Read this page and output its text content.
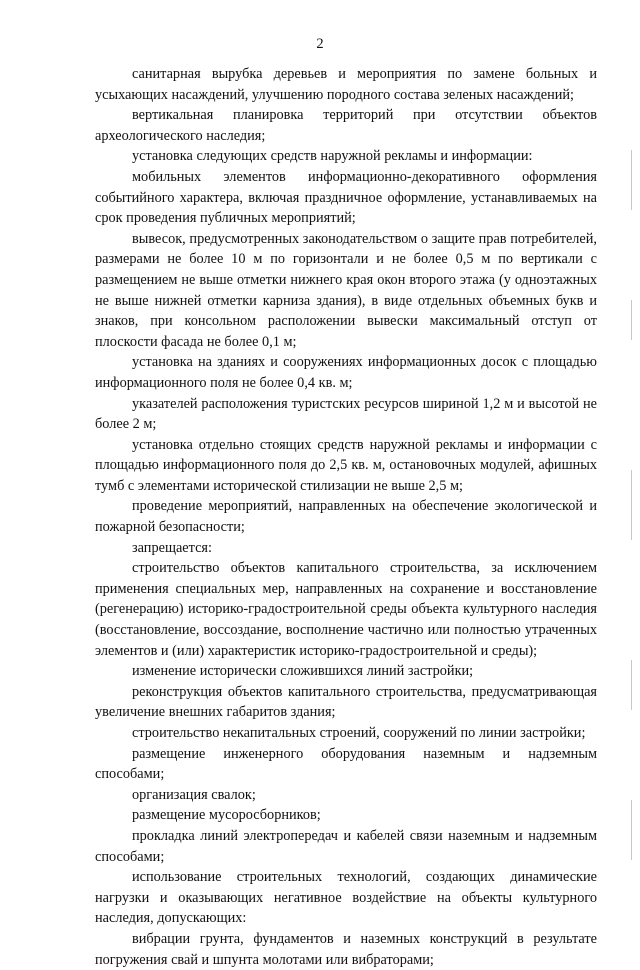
2

санитарная вырубка деревьев и мероприятия по замене больных и усыхающих насаждений, улучшению породного состава зеленых насаждений;

вертикальная планировка территорий при отсутствии объектов археологического наследия;

установка следующих средств наружной рекламы и информации:

мобильных элементов информационно-декоративного оформления событийного характера, включая праздничное оформление, устанавливаемых на срок проведения публичных мероприятий;

вывесок, предусмотренных законодательством о защите прав потребителей, размерами не более 10 м по горизонтали и не более 0,5 м по вертикали с размещением не выше отметки нижнего края окон второго этажа (у одноэтажных не выше нижней отметки карниза здания), в виде отдельных объемных букв и знаков, при консольном расположении вывески максимальный отступ от плоскости фасада не более 0,1 м;

установка на зданиях и сооружениях информационных досок с площадью информационного поля не более 0,4 кв. м;

указателей расположения туристских ресурсов шириной 1,2 м и высотой не более 2 м;

установка отдельно стоящих средств наружной рекламы и информации с площадью информационного поля до 2,5 кв. м, остановочных модулей, афишных тумб с элементами исторической стилизации не выше 2,5 м;

проведение мероприятий, направленных на обеспечение экологической и пожарной безопасности;

запрещается:

строительство объектов капитального строительства, за исключением применения специальных мер, направленных на сохранение и восстановление (регенерацию) историко-градостроительной среды объекта культурного наследия (восстановление, воссоздание, восполнение частично или полностью утраченных элементов и (или) характеристик историко-градостроительной и среды);

изменение исторически сложившихся линий застройки;

реконструкция объектов капитального строительства, предусматривающая увеличение внешних габаритов здания;

строительство некапитальных строений, сооружений по линии застройки;

размещение инженерного оборудования наземным и надземным способами;

организация свалок;

размещение мусоросборников;

прокладка линий электропередач и кабелей связи наземным и надземным способами;

использование строительных технологий, создающих динамические нагрузки и оказывающих негативное воздействие на объекты культурного наследия, допускающих:

вибрации грунта, фундаментов и наземных конструкций в результате погружения свай и шпунта молотами или вибраторами;
